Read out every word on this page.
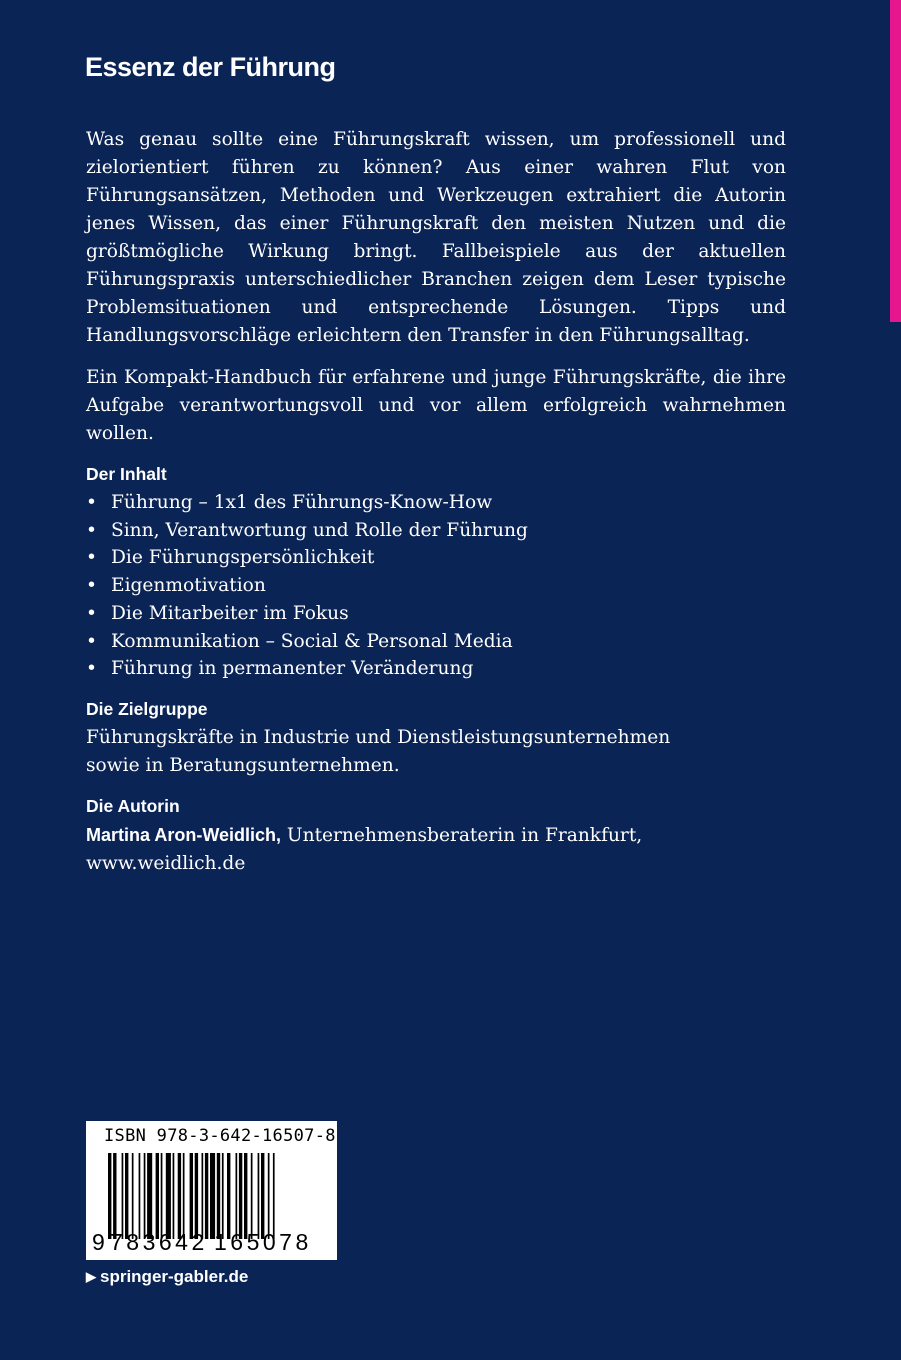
Essenz der Führung

Was genau sollte eine Führungskraft wissen, um professionell und zielorientiert führen zu können? Aus einer wahren Flut von Führungsansätzen, Methoden und Werkzeugen extrahiert die Autorin jenes Wissen, das einer Führungskraft den meisten Nutzen und die größtmögliche Wirkung bringt. Fallbeispiele aus der aktuellen Führungspraxis unterschiedlicher Branchen zeigen dem Leser typische Problemsituationen und entsprechende Lösungen. Tipps und Handlungsvorschläge erleichtern den Transfer in den Führungsalltag.

Ein Kompakt-Handbuch für erfahrene und junge Führungskräfte, die ihre Aufgabe verantwortungsvoll und vor allem erfolgreich wahrnehmen wollen.

Der Inhalt
• Führung – 1x1 des Führungs-Know-How
• Sinn, Verantwortung und Rolle der Führung
• Die Führungspersönlichkeit
• Eigenmotivation
• Die Mitarbeiter im Fokus
• Kommunikation – Social & Personal Media
• Führung in permanenter Veränderung
Die Zielgruppe

Führungskräfte in Industrie und Dienstleistungsunternehmen sowie in Beratungsunternehmen.

Die Autorin

Martina Aron-Weidlich, Unternehmensberaterin in Frankfurt, www.weidlich.de

ISBN 978-3-642-16507-8
9 783642 165078
▶ springer-gabler.de
